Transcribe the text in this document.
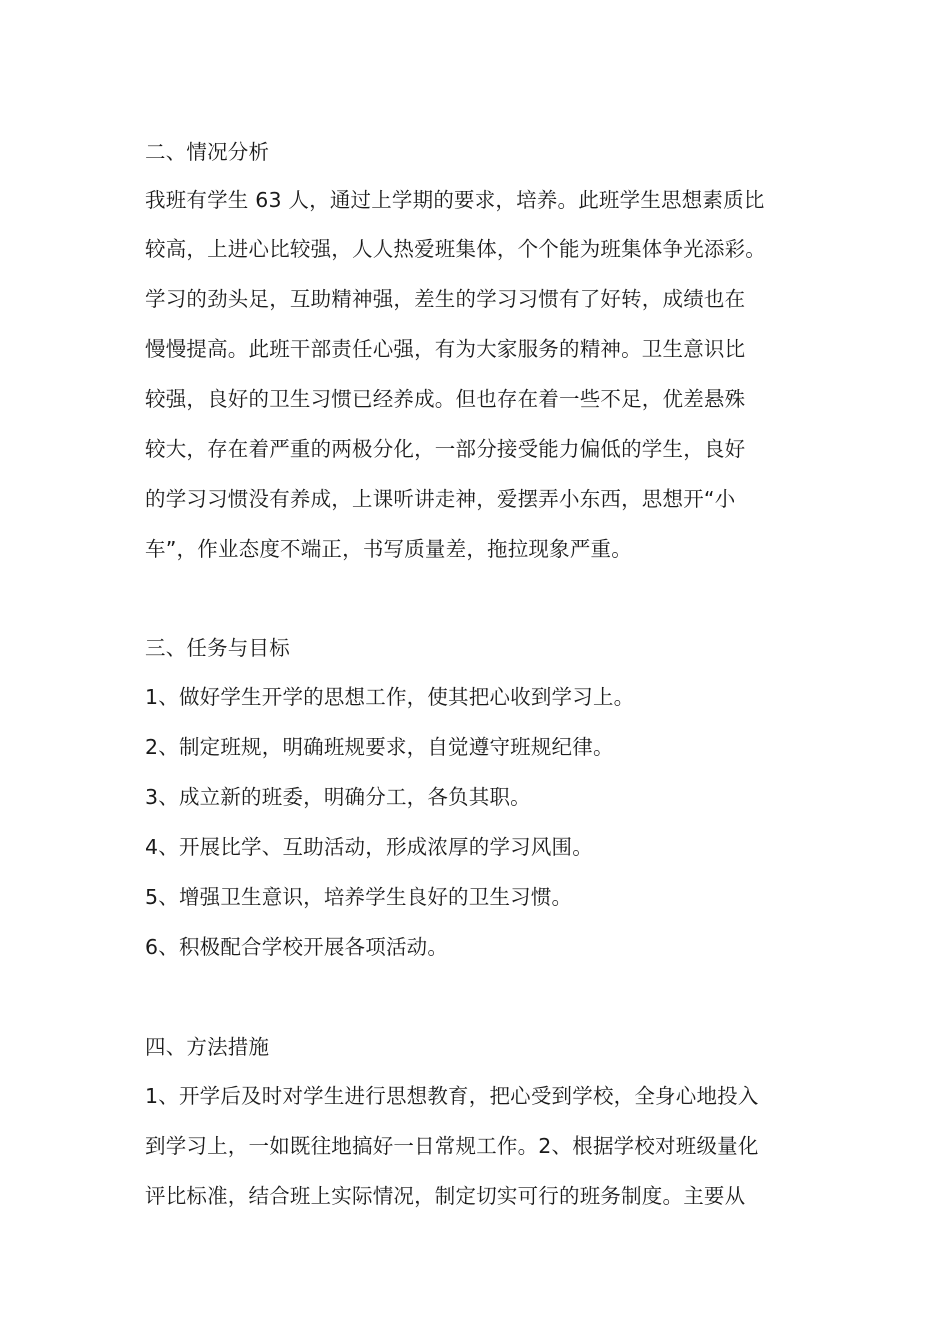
二、情况分析

我班有学生 63 人，通过上学期的要求，培养。此班学生思想素质比

较高，上进心比较强，人人热爱班集体，个个能为班集体争光添彩。

学习的劲头足，互助精神强，差生的学习习惯有了好转，成绩也在

慢慢提高。此班干部责任心强，有为大家服务的精神。卫生意识比

较强，良好的卫生习惯已经养成。但也存在着一些不足，优差悬殊

较大，存在着严重的两极分化，一部分接受能力偏低的学生，良好

的学习习惯没有养成，上课听讲走神，爱摆弄小东西，思想开“小

车”，作业态度不端正，书写质量差，拖拉现象严重。

三、任务与目标

1、做好学生开学的思想工作，使其把心收到学习上。

2、制定班规，明确班规要求，自觉遵守班规纪律。

3、成立新的班委，明确分工，各负其职。

4、开展比学、互助活动，形成浓厚的学习风围。

5、增强卫生意识，培养学生良好的卫生习惯。

6、积极配合学校开展各项活动。

四、方法措施

1、开学后及时对学生进行思想教育，把心受到学校，全身心地投入

到学习上，一如既往地搞好一日常规工作。2、根据学校对班级量化

评比标准，结合班上实际情况，制定切实可行的班务制度。主要从
